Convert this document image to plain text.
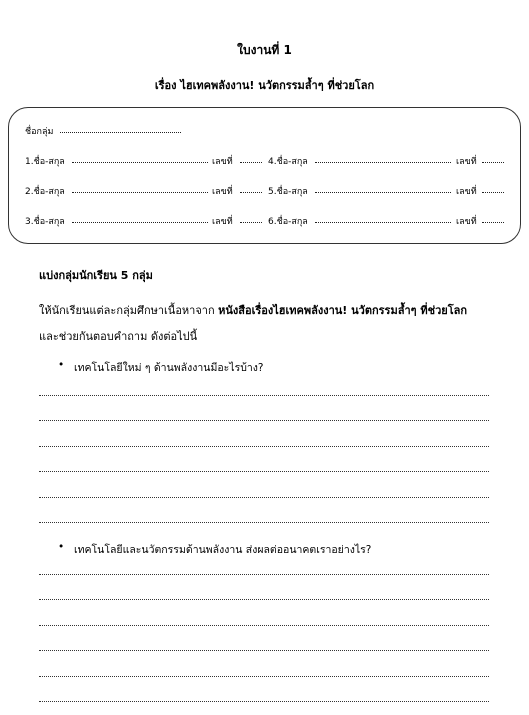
ใบงานที่ 1
เรื่อง ไฮเทคพลังงาน! นวัตกรรมล้ำๆ ที่ช่วยโลก
ชื่อกลุ่ม
1.ชื่อ-สกุล	เลขที่	4.ชื่อ-สกุล	เลขที่
2.ชื่อ-สกุล	เลขที่	5.ชื่อ-สกุล	เลขที่
3.ชื่อ-สกุล	เลขที่	6.ชื่อ-สกุล	เลขที่
แบ่งกลุ่มนักเรียน 5 กลุ่ม
ให้นักเรียนแต่ละกลุ่มศึกษาเนื้อหาจาก หนังสือเรื่องไฮเทคพลังงาน! นวัตกรรมล้ำๆ ที่ช่วยโลก
และช่วยกันตอบคำถาม ดังต่อไปนี้
• เทคโนโลยีใหม่ ๆ ด้านพลังงานมีอะไรบ้าง?
• เทคโนโลยีและนวัตกรรมด้านพลังงาน ส่งผลต่ออนาคตเราอย่างไร?
